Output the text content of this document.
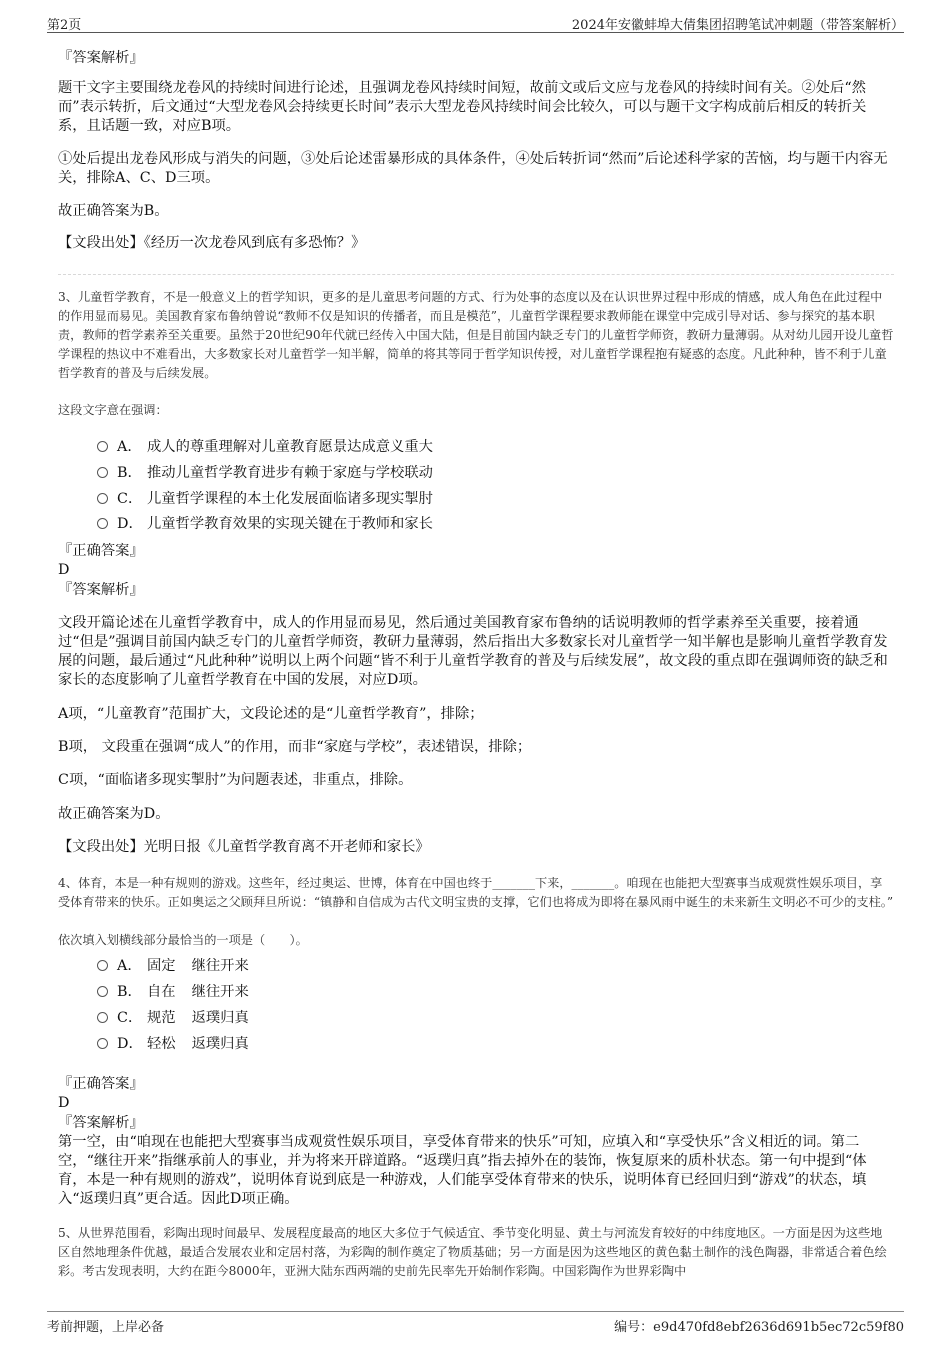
第2页	2024年安徽蚌埠大倩集团招聘笔试冲刺题（带答案解析）

『答案解析』

题干文字主要围绕龙卷风的持续时间进行论述，且强调龙卷风持续时间短，故前文或后文应与龙卷风的持续时间有关。②处后“然而”表示转折，后文通过“大型龙卷风会持续更长时间”表示大型龙卷风持续时间会比较久，可以与题干文字构成前后相反的转折关系，且话题一致，对应B项。

①处后提出龙卷风形成与消失的问题，③处后论述雷暴形成的具体条件，④处后转折词“然而”后论述科学家的苦恼，均与题干内容无关，排除A、C、D三项。

故正确答案为B。

【文段出处】《经历一次龙卷风到底有多恐怖？》

3、儿童哲学教育，不是一般意义上的哲学知识，更多的是儿童思考问题的方式、行为处事的态度以及在认识世界过程中形成的情感，成人角色在此过程中的作用显而易见。美国教育家布鲁纳曾说“教师不仅是知识的传播者，而且是模范”，儿童哲学课程要求教师能在课堂中完成引导对话、参与探究的基本职责，教师的哲学素养至关重要。虽然于20世纪90年代就已经传入中国大陆，但是目前国内缺乏专门的儿童哲学师资，教研力量薄弱。从对幼儿园开设儿童哲学课程的热议中不难看出，大多数家长对儿童哲学一知半解，简单的将其等同于哲学知识传授，对儿童哲学课程抱有疑惑的态度。凡此种种，皆不利于儿童哲学教育的普及与后续发展。

这段文字意在强调：

A． 成人的尊重理解对儿童教育愿景达成意义重大
B． 推动儿童哲学教育进步有赖于家庭与学校联动
C． 儿童哲学课程的本土化发展面临诸多现实掣肘
D． 儿童哲学教育效果的实现关键在于教师和家长

『正确答案』

D

『答案解析』

文段开篇论述在儿童哲学教育中，成人的作用显而易见，然后通过美国教育家布鲁纳的话说明教师的哲学素养至关重要，接着通过“但是”强调目前国内缺乏专门的儿童哲学师资，教研力量薄弱，然后指出大多数家长对儿童哲学一知半解也是影响儿童哲学教育发展的问题，最后通过“凡此种种”说明以上两个问题“皆不利于儿童哲学教育的普及与后续发展”，故文段的重点即在强调师资的缺乏和家长的态度影响了儿童哲学教育在中国的发展，对应D项。

A项，“儿童教育”范围扩大，文段论述的是“儿童哲学教育”，排除；

B项， 文段重在强调“成人”的作用，而非“家庭与学校”，表述错误，排除；

C项，“面临诸多现实掣肘”为问题表述，非重点，排除。

故正确答案为D。

【文段出处】光明日报《儿童哲学教育离不开老师和家长》

4、体育，本是一种有规则的游戏。这些年，经过奥运、世博，体育在中国也终于_______下来，_______。咱现在也能把大型赛事当成观赏性娱乐项目，享受体育带来的快乐。正如奥运之父顾拜旦所说：“镇静和自信成为古代文明宝贵的支撑，它们也将成为即将在暴风雨中诞生的未来新生文明必不可少的支柱。”

依次填入划横线部分最恰当的一项是（　　）。

A． 固定 继往开来
B． 自在 继往开来
C． 规范 返璞归真
D． 轻松 返璞归真

『正确答案』

D

『答案解析』

第一空，由“咱现在也能把大型赛事当成观赏性娱乐项目，享受体育带来的快乐”可知，应填入和“享受快乐”含义相近的词。第二空，“继往开来”指继承前人的事业，并为将来开辟道路。“返璞归真”指去掉外在的装饰，恢复原来的质朴状态。第一句中提到“体育，本是一种有规则的游戏”，说明体育说到底是一种游戏，人们能享受体育带来的快乐，说明体育已经回归到“游戏”的状态，填入“返璞归真”更合适。因此D项正确。

5、从世界范围看，彩陶出现时间最早、发展程度最高的地区大多位于气候适宜、季节变化明显、黄土与河流发育较好的中纬度地区。一方面是因为这些地区自然地理条件优越，最适合发展农业和定居村落，为彩陶的制作奠定了物质基础；另一方面是因为这些地区的黄色黏土制作的浅色陶器，非常适合着色绘彩。考古发现表明，大约在距今8000年，亚洲大陆东西两端的史前先民率先开始制作彩陶。中国彩陶作为世界彩陶中

考前押题，上岸必备	编号：e9d470fd8ebf2636d691b5ec72c59f80
